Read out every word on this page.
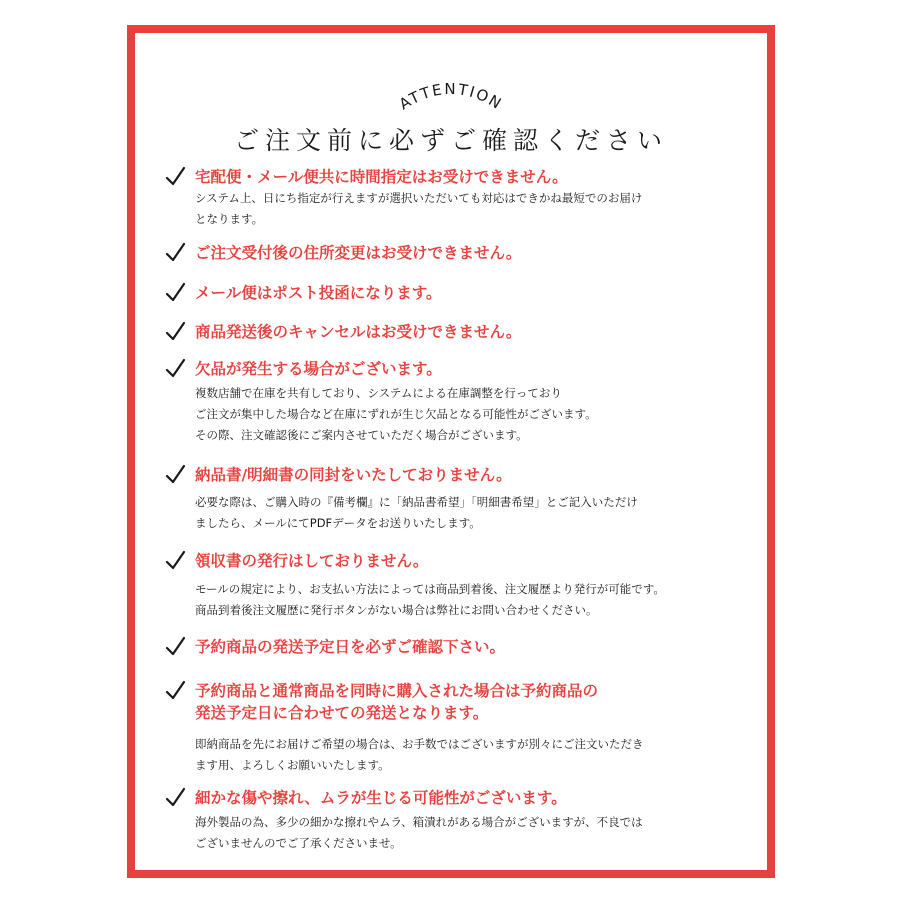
ATTENTION
ご注文前に必ずご確認ください
宅配便・メール便共に時間指定はお受けできません。
システム上、日にち指定が行えますが選択いただいても対応はできかね最短でのお届け
となります。
ご注文受付後の住所変更はお受けできません。
メール便はポスト投函になります。
商品発送後のキャンセルはお受けできません。
欠品が発生する場合がございます。
複数店舗で在庫を共有しており、システムによる在庫調整を行っており
ご注文が集中した場合など在庫にずれが生じ欠品となる可能性がございます。
その際、注文確認後にご案内させていただく場合がございます。
納品書/明細書の同封をいたしておりません。
必要な際は、ご購入時の『備考欄』に「納品書希望」「明細書希望」とご記入いただけ
ましたら、メールにてPDFデータをお送りいたします。
領収書の発行はしておりません。
モールの規定により、お支払い方法によっては商品到着後、注文履歴より発行が可能です。
商品到着後注文履歴に発行ボタンがない場合は弊社にお問い合わせください。
予約商品の発送予定日を必ずご確認下さい。
予約商品と通常商品を同時に購入された場合は予約商品の
発送予定日に合わせての発送となります。
即納商品を先にお届けご希望の場合は、お手数ではございますが別々にご注文いただき
ます用、よろしくお願いいたします。
細かな傷や擦れ、ムラが生じる可能性がございます。
海外製品の為、多少の細かな擦れやムラ、箱潰れがある場合がございますが、不良では
ございませんのでご了承くださいませ。
